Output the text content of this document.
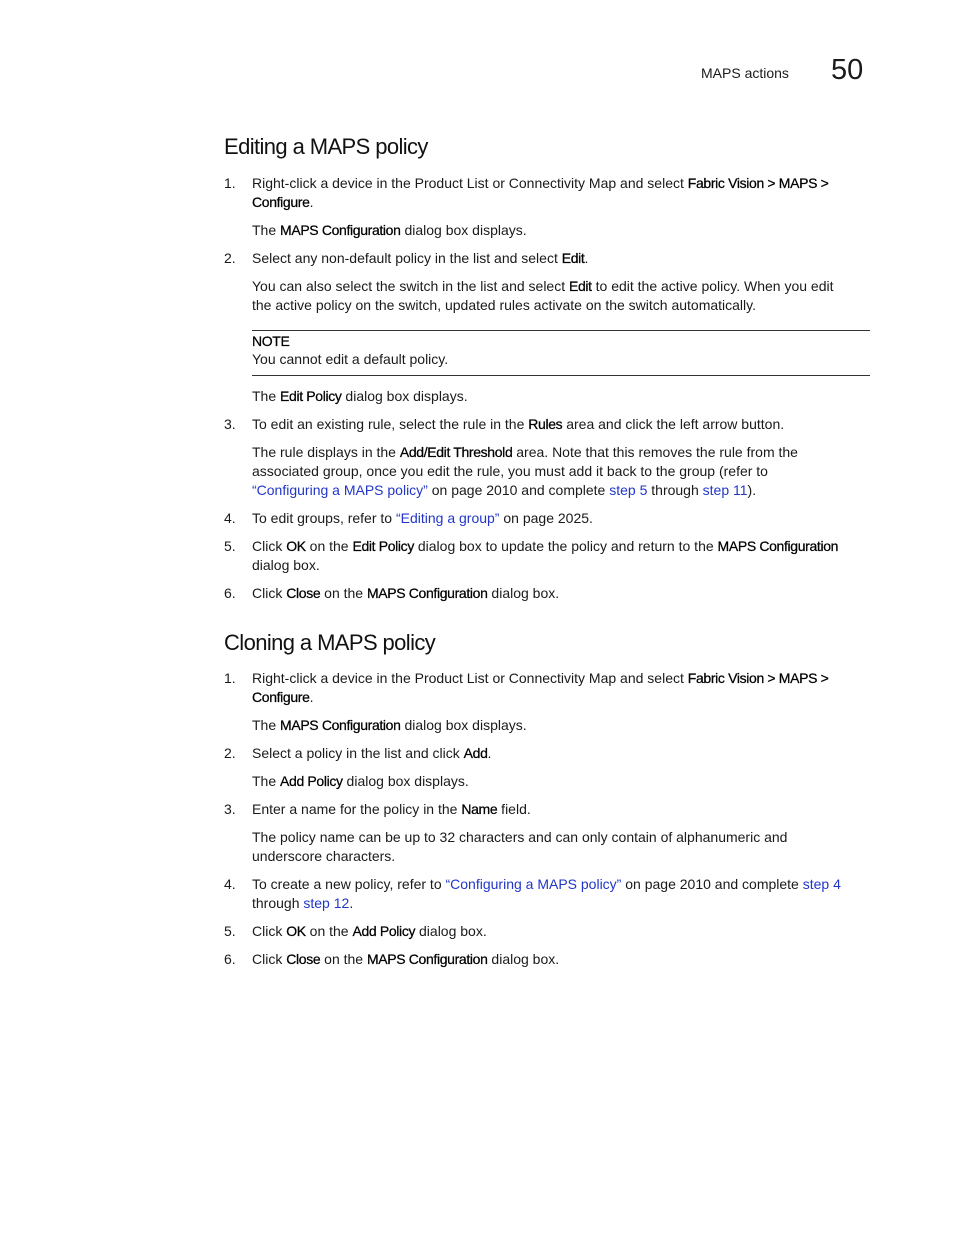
MAPS actions 50
Editing a MAPS policy
1. Right-click a device in the Product List or Connectivity Map and select Fabric Vision > MAPS >
Configure.
The MAPS Configuration dialog box displays.
2. Select any non-default policy in the list and select Edit.
You can also select the switch in the list and select Edit to edit the active policy. When you edit
the active policy on the switch, updated rules activate on the switch automatically.
NOTE
You cannot edit a default policy.
The Edit Policy dialog box displays.
3. To edit an existing rule, select the rule in the Rules area and click the left arrow button.
The rule displays in the Add/Edit Threshold area. Note that this removes the rule from the
associated group, once you edit the rule, you must add it back to the group (refer to
“Configuring a MAPS policy” on page 2010 and complete step 5 through step 11).
4. To edit groups, refer to “Editing a group” on page 2025.
5. Click OK on the Edit Policy dialog box to update the policy and return to the MAPS Configuration
dialog box.
6. Click Close on the MAPS Configuration dialog box.
Cloning a MAPS policy
1. Right-click a device in the Product List or Connectivity Map and select Fabric Vision > MAPS >
Configure.
The MAPS Configuration dialog box displays.
2. Select a policy in the list and click Add.
The Add Policy dialog box displays.
3. Enter a name for the policy in the Name field.
The policy name can be up to 32 characters and can only contain of alphanumeric and
underscore characters.
4. To create a new policy, refer to “Configuring a MAPS policy” on page 2010 and complete step 4
through step 12.
5. Click OK on the Add Policy dialog box.
6. Click Close on the MAPS Configuration dialog box.
